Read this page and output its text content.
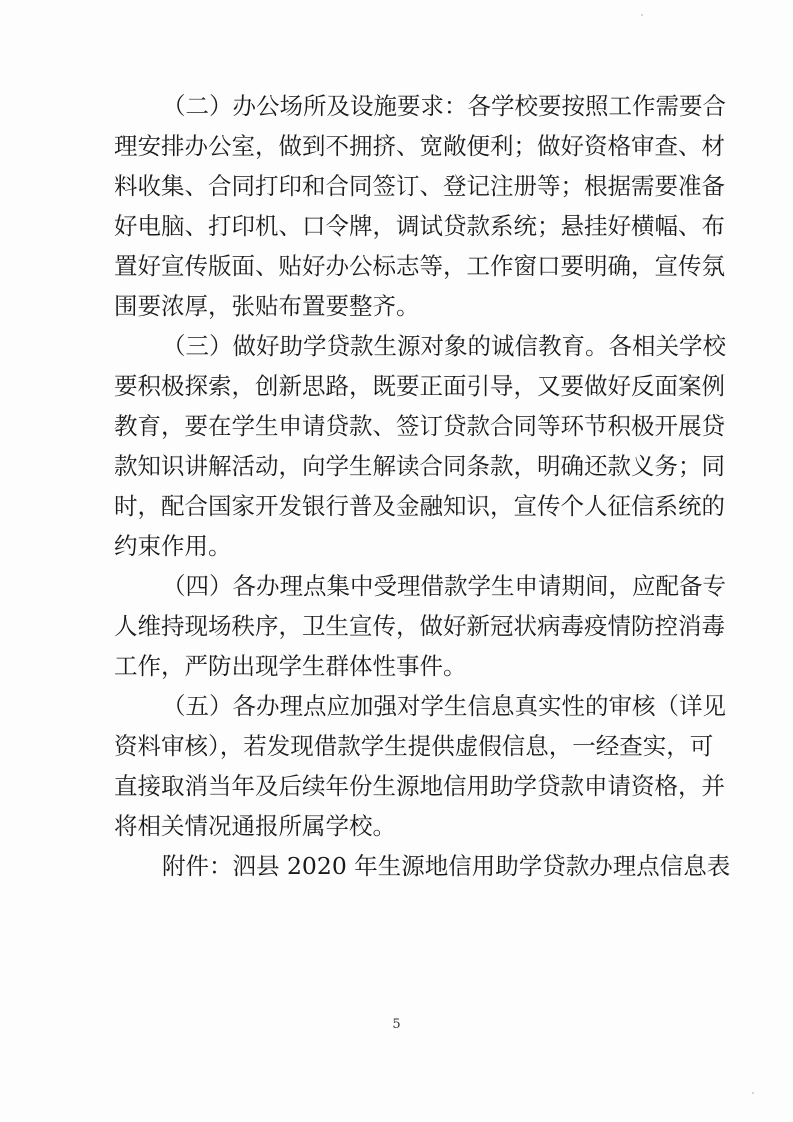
（二）办公场所及设施要求：各学校要按照工作需要合
理安排办公室，做到不拥挤、宽敞便利；做好资格审查、材
料收集、合同打印和合同签订、登记注册等；根据需要准备
好电脑、打印机、口令牌，调试贷款系统；悬挂好横幅、布
置好宣传版面、贴好办公标志等，工作窗口要明确，宣传氛
围要浓厚，张贴布置要整齐。
（三）做好助学贷款生源对象的诚信教育。各相关学校
要积极探索，创新思路，既要正面引导，又要做好反面案例
教育，要在学生申请贷款、签订贷款合同等环节积极开展贷
款知识讲解活动，向学生解读合同条款，明确还款义务；同
时，配合国家开发银行普及金融知识，宣传个人征信系统的
约束作用。
（四）各办理点集中受理借款学生申请期间，应配备专
人维持现场秩序，卫生宣传，做好新冠状病毒疫情防控消毒
工作，严防出现学生群体性事件。
（五）各办理点应加强对学生信息真实性的审核（详见
资料审核），若发现借款学生提供虚假信息，一经查实，可
直接取消当年及后续年份生源地信用助学贷款申请资格，并
将相关情况通报所属学校。
附件：泗县 2020 年生源地信用助学贷款办理点信息表
5
